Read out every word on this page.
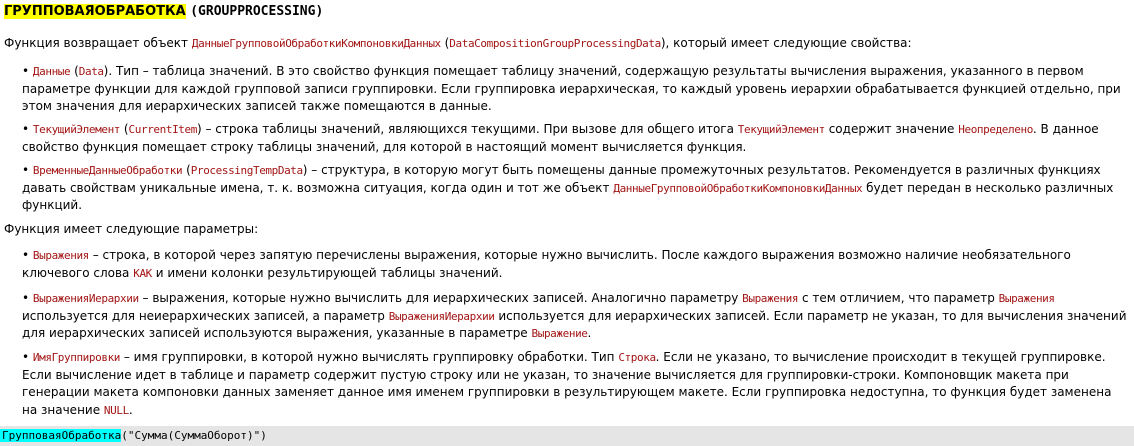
ГРУППОВАЯОБРАБОТКА (GROUPPROCESSING)
Функция возвращает объект ДанныеГрупповойОбработкиКомпоновкиДанных (DataCompositionGroupProcessingData), который имеет следующие свойства:
• Данные (Data). Тип – таблица значений. В это свойство функция помещает таблицу значений, содержащую результаты вычисления выражения, указанного в первом параметре функции для каждой групповой записи группировки. Если группировка иерархическая, то каждый уровень иерархии обрабатывается функцией отдельно, при этом значения для иерархических записей также помещаются в данные.
• ТекущийЭлемент (CurrentItem) – строка таблицы значений, являющихся текущими. При вызове для общего итога ТекущийЭлемент содержит значение Неопределено. В данное свойство функция помещает строку таблицы значений, для которой в настоящий момент вычисляется функция.
• ВременныеДанныеОбработки (ProcessingTempData) – структура, в которую могут быть помещены данные промежуточных результатов. Рекомендуется в различных функциях давать свойствам уникальные имена, т. к. возможна ситуация, когда один и тот же объект ДанныеГрупповойОбработкиКомпоновкиДанных будет передан в несколько различных функций.
Функция имеет следующие параметры:
• Выражения – строка, в которой через запятую перечислены выражения, которые нужно вычислить. После каждого выражения возможно наличие необязательного ключевого слова КАК и имени колонки результирующей таблицы значений.
• ВыраженияИерархии – выражения, которые нужно вычислить для иерархических записей. Аналогично параметру Выражения с тем отличием, что параметр Выражения используется для неиерархических записей, а параметр ВыраженияИерархии используется для иерархических записей. Если параметр не указан, то для вычисления значений для иерархических записей используются выражения, указанные в параметре Выражение.
• ИмяГруппировки – имя группировки, в которой нужно вычислять группировку обработки. Тип Строка. Если не указано, то вычисление происходит в текущей группировке. Если вычисление идет в таблице и параметр содержит пустую строку или не указан, то значение вычисляется для группировки-строки. Компоновщик макета при генерации макета компоновки данных заменяет данное имя именем группировки в результирующем макете. Если группировка недоступна, то функция будет заменена на значение NULL.
ГрупповаяОбработка("Сумма(СуммаОборот)")
